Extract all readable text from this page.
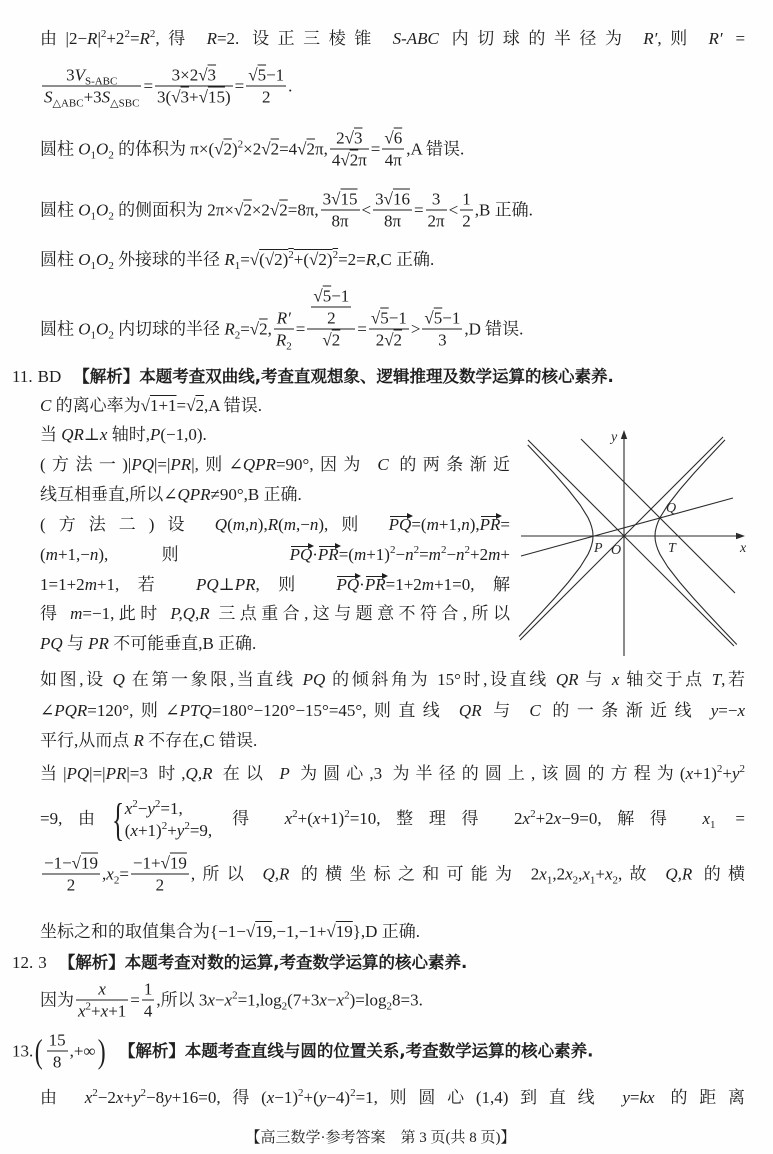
由$|2-R|^2+2^2=R^2$,得 R=2. 设正三棱锥 S-ABC 内切球的半径为 R′,则 R′ =
$3V_{S-ABC}$
$S_{\triangle ABC}+3S_{\triangle SBC}$
= $\frac{3\times 2√3}{3(√3+√15)} = \frac{√5-1}{2}$ .
圆柱 $O_1O_2$ 的体积为 $\pi\times(√2)^2\times 2√2=4√2\pi$, $\frac{2√3}{4√2\pi} = \frac{√6}{4\pi} ,A$ 错误.
圆柱 $O_1O_2$ 的侧面积为 2π×√2×2√2=8π, $\frac{3√15}{8\pi} < \frac{3√16}{8\pi} = \frac{3}{2\pi} < \frac{1}{2} ,B$ 正确.
圆柱 $O_1O_2$ 外接球的半径 $R_1=√(√2)^2+(√2)^2=2=R,C$ 正确.
圆柱 $O_1O_2$ 内切球的半径 $R_2=√2$, $\frac{R'}{R_2} = \frac{\frac{√5-1}{2}}{√2} = \frac{√5-1}{2√2} > \frac{√5-1}{3} ,D$ 错误.
11. BD 【解析】本题考查双曲线,考查直观想象、逻辑推理及数学运算的核心素养.
C 的离心率为√1+1=√2,A 错误.
当 QR⊥x 轴时,P(−1,0).
(方法一)|PQ|=|PR|,则∠QPR=90°,因为 C 的两条渐近
线互相垂直,所以∠QPR≠90°,B 正确.
(方法二)设 Q(m,n),R(m,−n),则 PQ=(m+1,n),PR=
(m+1,−n),则 $PQ\cdot PR=(m+1)^2-n^2=m^2-n^2+2m+$
1=1+2m+1,若 PQ⊥PR,则 PQ·PR=1+2m+1=0,解
得 m=−1,此时 P,Q,R 三点重合,这与题意不符合,所以
PQ 与 PR 不可能垂直,B 正确.
如图,设 Q 在第一象限,当直线 PQ 的倾斜角为 15°时,设直线 QR 与 x 轴交于点 T,若
∠PQR=120°,则∠PTQ=180°−120°−15°=45°,则直线 QR 与 C 的一条渐近线 y=−x
平行,从而点 R 不存在,C 错误.
当|PQ|=|PR|=3 时,Q,R 在以 P 为圆心,3 为半径的圆上,该圆的方程为$(x+1)^2+y^2$
=9,由{ $x^2-y^2=1$,
$(x+1)^2+y^2=9$,
得 $x^2+(x+1)^2=10$,整理得 $2x^2+2x-9=0$,解得 $x_1$ =
$\frac{-1-√19}{2} ,x_2= \frac{-1+√19}{2}$ ,所以 Q,R 的横坐标之和可能为 $2x_1,2x_2,x_1+x_2$,故 Q,R 的横
坐标之和的取值集合为{−1−√19,−1,−1+√19},D 正确.
12. 3 【解析】本题考查对数的运算,考查数学运算的核心素养.
因为 $\frac{x}{x^2+x+1} = \frac{1}{4}$ ,所以 $3x-x^2=1,\log_2(7+3x-x^2)=\log_28=3$.
$13.( \frac{15}{8}$ ,+∞) 【解析】本题考查直线与圆的位置关系,考查数学运算的核心素养.
由 $x^2-2x+y^2-8y+16=0$,得$(x-1)^2+(y-4)^2=1$,则圆心(1,4)到直线 y=kx 的距离
y
x
P O	T
Q
【高三数学·参考答案　第 3 页(共 8 页)】
